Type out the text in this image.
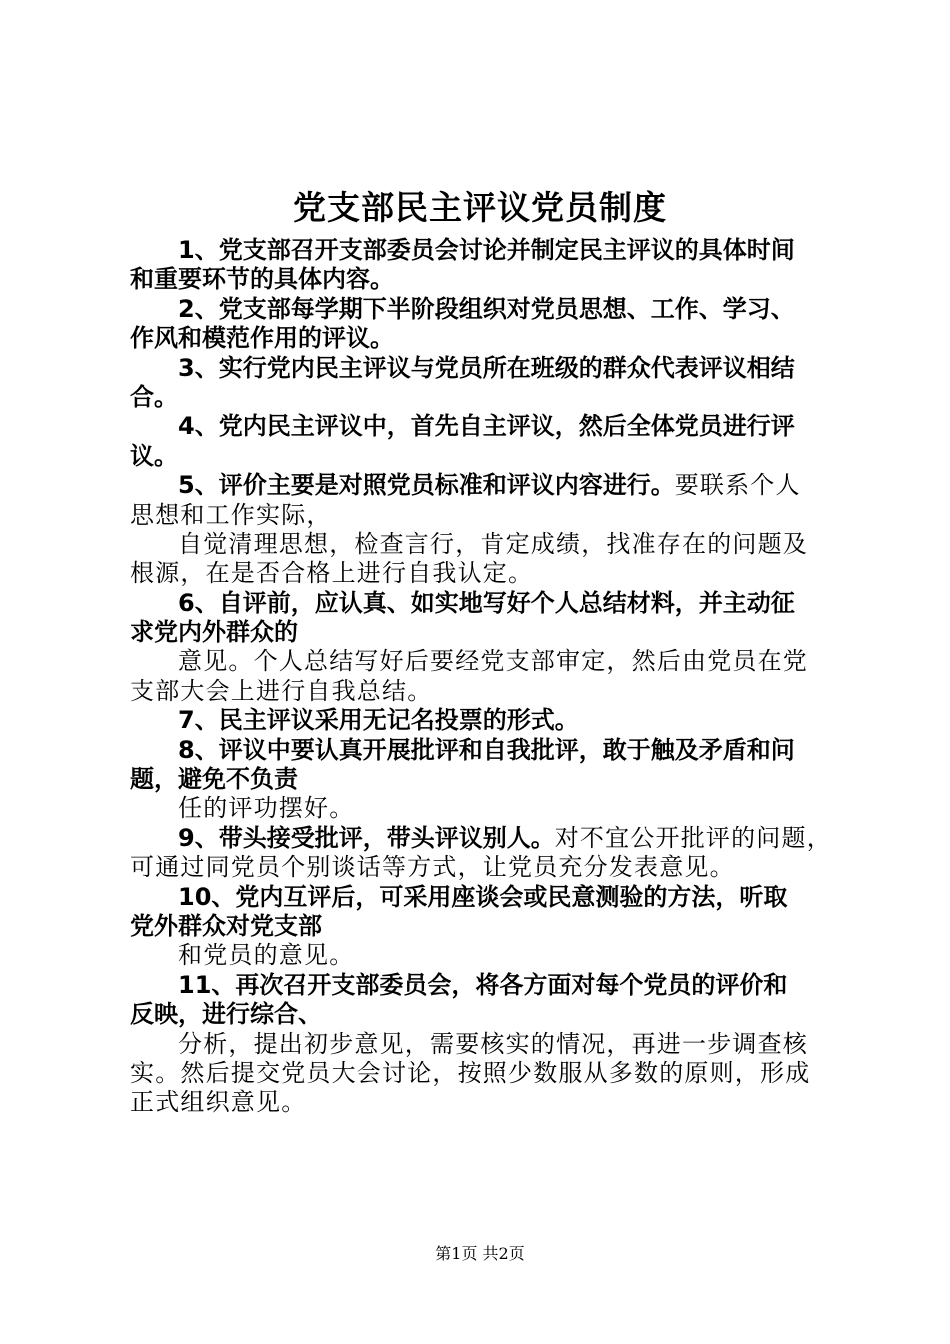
党支部民主评议党员制度
1、党支部召开支部委员会讨论并制定民主评议的具体时间
和重要环节的具体内容。
2、党支部每学期下半阶段组织对党员思想、工作、学习、
作风和模范作用的评议。
3、实行党内民主评议与党员所在班级的群众代表评议相结
合。
4、党内民主评议中，首先自主评议，然后全体党员进行评
议。
5、评价主要是对照党员标准和评议内容进行。要联系个人
思想和工作实际，
自觉清理思想，检查言行，肯定成绩，找准存在的问题及
根源，在是否合格上进行自我认定。
6、自评前，应认真、如实地写好个人总结材料，并主动征
求党内外群众的
意见。个人总结写好后要经党支部审定，然后由党员在党
支部大会上进行自我总结。
7、民主评议采用无记名投票的形式。
8、评议中要认真开展批评和自我批评，敢于触及矛盾和问
题，避免不负责
任的评功摆好。
9、带头接受批评，带头评议别人。对不宜公开批评的问题，
可通过同党员个别谈话等方式，让党员充分发表意见。
10、党内互评后，可采用座谈会或民意测验的方法，听取
党外群众对党支部
和党员的意见。
11、再次召开支部委员会，将各方面对每个党员的评价和
反映，进行综合、
分析，提出初步意见，需要核实的情况，再进一步调查核
实。然后提交党员大会讨论，按照少数服从多数的原则，形成
正式组织意见。
第1页 共2页
